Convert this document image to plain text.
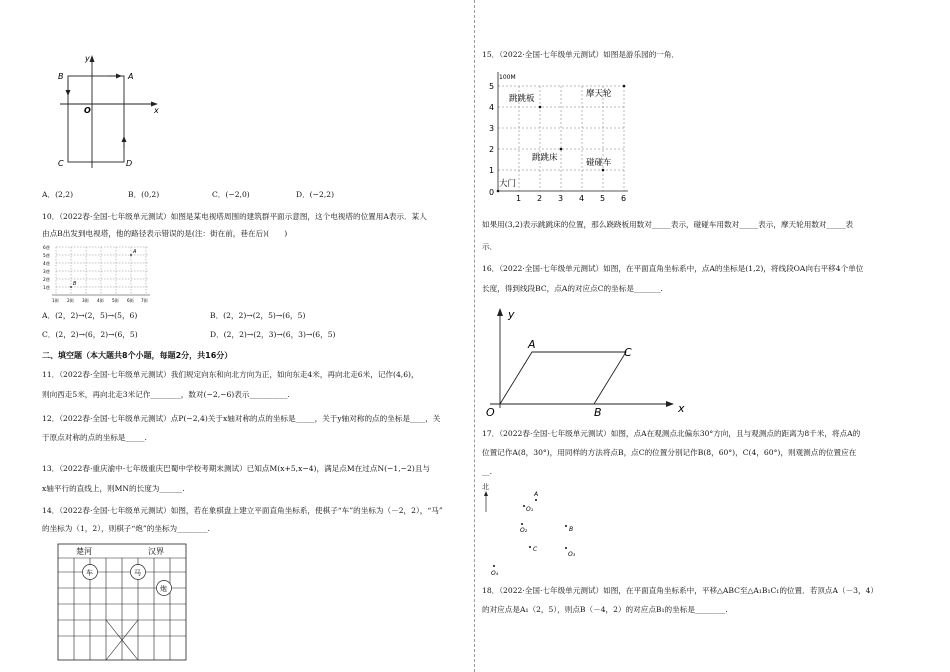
y
x
O
A
B
C	D
A．(2,2)	B．(0,2)	C．(−2,0)	D．(−2,2)
10．（2022春·全国·七年级单元测试）如图是某电视塔周围的建筑群平面示意图，这个电视塔的位置用A表示．某人
由点B出发到电视塔，他的路径表示错误的是(注：街在前，巷在后)(　　)
6巷
5巷
4巷
3巷
2巷
1巷
1街 2街 3街 4街 5街 6街 7街
B
A
A．(2，2)→(2，5)→(5，6)	B．(2，2)→(2，5)→(6，5)
C．(2，2)→(6，2)→(6，5)	D．(2，2)→(2，3)→(6，3)→(6，5)
二、填空题（本大题共8个小题，每题2分，共16分）
11．（2022春·全国·七年级单元测试）我们规定向东和向北方向为正，如向东走4米，再向北走6米，记作(4,6)，
则向西走5米，再向北走3米记作________，数对(−2,−6)表示__________.
12．（2022春·全国·七年级单元测试）点P(−2,4)关于x轴对称的点的坐标是_____，关于y轴对称的点的坐标是____，关
于原点对称的点的坐标是_____.
13．（2022春·重庆渝中·七年级重庆巴蜀中学校考期末测试）已知点M(x+5,x−4)，满足点M在过点N(−1,−2)且与
x轴平行的直线上，则MN的长度为______.
14．（2022春·全国·七年级单元测试）如图，若在象棋盘上建立平面直角坐标系，使棋子“车”的坐标为（－2，2），“马”
的坐标为（1，2），则棋子“炮”的坐标为________.
楚河	汉界
车	马
炮
15．（2022·全国·七年级单元测试）如图是游乐园的一角．
100M
0
1 2 3 4 5 6
1
2
3
4
5
跳跳板	摩天轮
跳跳床	碰碰车
大门
如果用(3,2)表示跳跳床的位置，那么跷跷板用数对_____表示，碰碰车用数对_____表示，摩天轮用数对_____表
示．
16．（2022·全国·七年级单元测试）如图，在平面直角坐标系中，点A的坐标是(1,2)，将线段OA向右平移4个单位
长度，得到线段BC，点A的对应点C的坐标是_______.
y
x
O
A
B
C
17．（2022春·全国·七年级单元测试）如图，点A在观测点北偏东30°方向，且与观测点的距离为8千米，将点A的
位置记作A(8，30°)，用同样的方法将点B，点C的位置分别记作B(8，60°)，C(4，60°)，则观测点的位置应在
__.
北
A
O₁
O₂	B
C
O₃
O₄
18．（2022·全国·七年级单元测试）如图，在平面直角坐标系中，平移△ABC至△A₁B₁C₁的位置．若顶点A（－3，4）
的对应点是A₁（2，5），则点B（－4，2）的对应点B₁的坐标是________.
